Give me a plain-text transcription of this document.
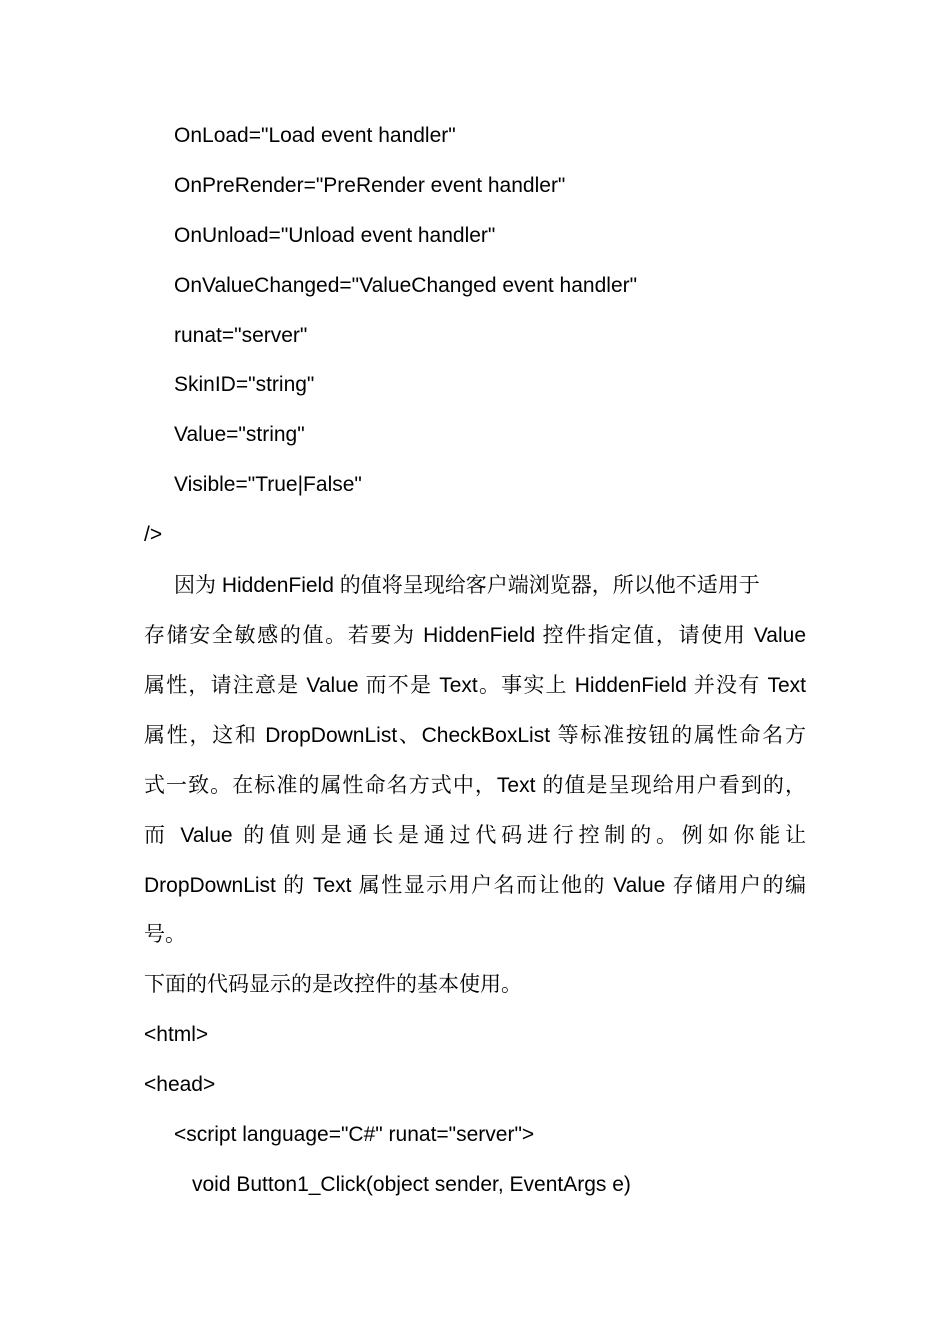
OnLoad="Load event handler"
OnPreRender="PreRender event handler"
OnUnload="Unload event handler"
OnValueChanged="ValueChanged event handler"
runat="server"
SkinID="string"
Value="string"
Visible="True|False"
/>
因为 HiddenField 的值将呈现给客户端浏览器，所以他不适用于
存储安全敏感的值。若要为 HiddenField 控件指定值，请使用 Value
属性，请注意是 Value 而不是 Text。事实上 HiddenField 并没有 Text
属性，这和 DropDownList、CheckBoxList 等标准按钮的属性命名方
式一致。在标准的属性命名方式中，Text 的值是呈现给用户看到的，
而 Value 的值则是通长是通过代码进行控制的。例如你能让
DropDownList 的 Text 属性显示用户名而让他的 Value 存储用户的编
号。
下面的代码显示的是改控件的基本使用。
<html>
<head>
<script language="C#" runat="server">
void Button1_Click(object sender, EventArgs e)
